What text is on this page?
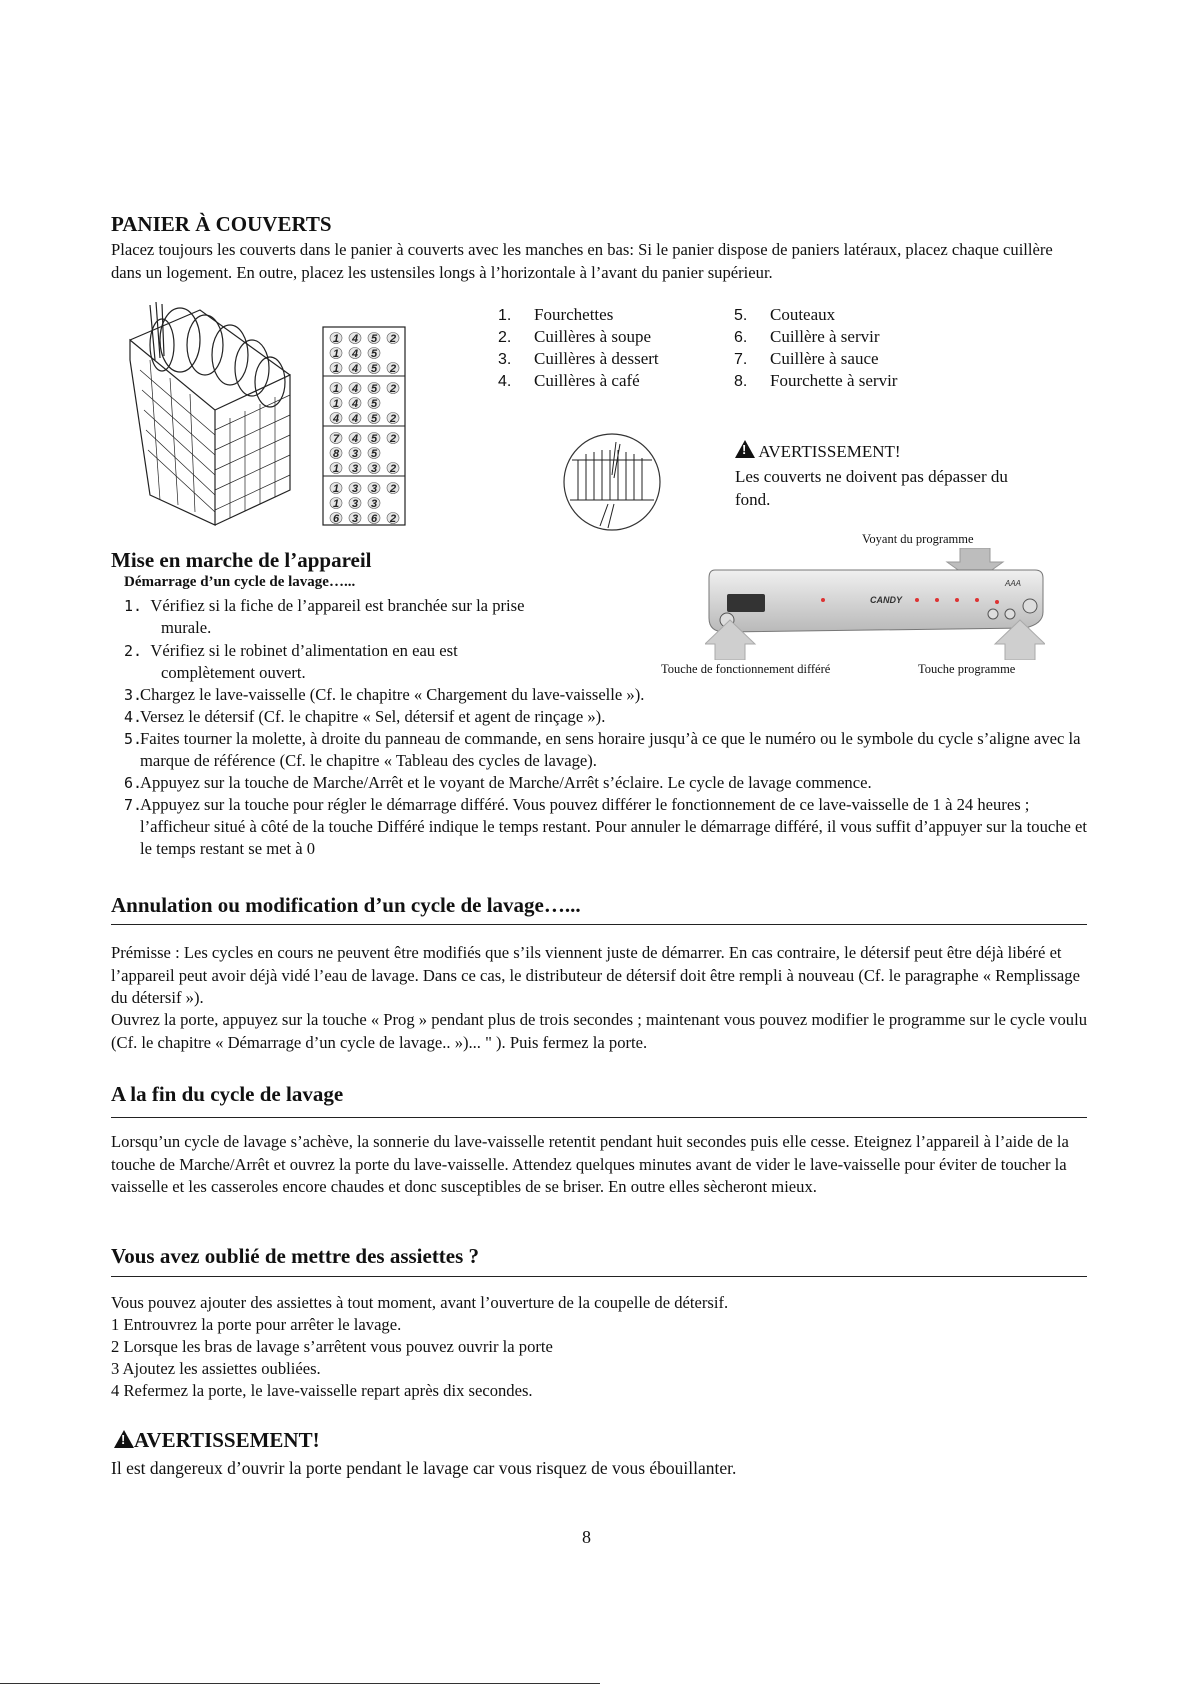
PANIER À COUVERTS

Placez toujours les couverts dans le panier à couverts avec les manches en bas: Si le panier dispose de paniers latéraux, placez chaque cuillère dans un logement. En outre, placez les ustensiles longs à l’horizontale à l’avant du panier supérieur.

1 4 5 2
1 4 5
1 4 5 2
1 4 5 2
1 4 5
4 4 5 2
7 4 5 2
8 3 5
1 3 3 2
1 3 3 2
1 3 3
6 3 6 2
1. Fourchettes
2. Cuillères à soupe
3. Cuillères à dessert
4. Cuillères à café
5. Couteaux
6. Cuillère à servir
7. Cuillère à sauce
8. Fourchette à servir
! AVERTISSEMENT!
Les couverts ne doivent pas dépasser du
fond.
Mise en marche de l’appareil
Démarrage d’un cycle de lavage…...
1. Vérifiez si la fiche de l’appareil est branchée sur la prise
murale.
2. Vérifiez si le robinet d’alimentation en eau est
complètement ouvert.
Voyant du programme
CANDY
AAA
Touche de fonctionnement différé	Touche programme
3.
Chargez le lave-vaisselle (Cf. le chapitre « Chargement du lave-vaisselle »).
4.
Versez le détersif (Cf. le chapitre « Sel, détersif et agent de rinçage »).
5.
Faites tourner la molette, à droite du panneau de commande, en sens horaire jusqu’à ce que le numéro ou le symbole du cycle s’aligne avec la marque de référence (Cf. le chapitre « Tableau des cycles de lavage).
6.
Appuyez sur la touche de Marche/Arrêt et le voyant de Marche/Arrêt s’éclaire. Le cycle de lavage commence.
7.
Appuyez sur la touche pour régler le démarrage différé. Vous pouvez différer le fonctionnement de ce lave-vaisselle de 1 à 24 heures ; l’afficheur situé à côté de la touche Différé indique le temps restant. Pour annuler le démarrage différé, il vous suffit d’appuyer sur la touche et le temps restant se met à 0
Annulation ou modification d’un cycle de lavage…...

Prémisse : Les cycles en cours ne peuvent être modifiés que s’ils viennent juste de démarrer. En cas contraire, le détersif peut être déjà libéré et l’appareil peut avoir déjà vidé l’eau de lavage. Dans ce cas, le distributeur de détersif doit être rempli à nouveau (Cf. le paragraphe « Remplissage du détersif »).

Ouvrez la porte, appuyez sur la touche « Prog » pendant plus de trois secondes ; maintenant vous pouvez modifier le programme sur le cycle voulu (Cf. le chapitre « Démarrage d’un cycle de lavage.. »)... " ). Puis fermez la porte.

A la fin du cycle de lavage

Lorsqu’un cycle de lavage s’achève, la sonnerie du lave-vaisselle retentit pendant huit secondes puis elle cesse. Eteignez l’appareil à l’aide de la touche de Marche/Arrêt et ouvrez la porte du lave-vaisselle. Attendez quelques minutes avant de vider le lave-vaisselle pour éviter de toucher la vaisselle et les casseroles encore chaudes et donc susceptibles de se briser. En outre elles sècheront mieux.

Vous avez oublié de mettre des assiettes ?

Vous pouvez ajouter des assiettes à tout moment, avant l’ouverture de la coupelle de détersif.

1 Entrouvrez la porte pour arrêter le lavage.

2 Lorsque les bras de lavage s’arrêtent vous pouvez ouvrir la porte

3 Ajoutez les assiettes oubliées.

4 Refermez la porte, le lave-vaisselle repart après dix secondes.

!AVERTISSEMENT!
Il est dangereux d’ouvrir la porte pendant le lavage car vous risquez de vous ébouillanter.
8
